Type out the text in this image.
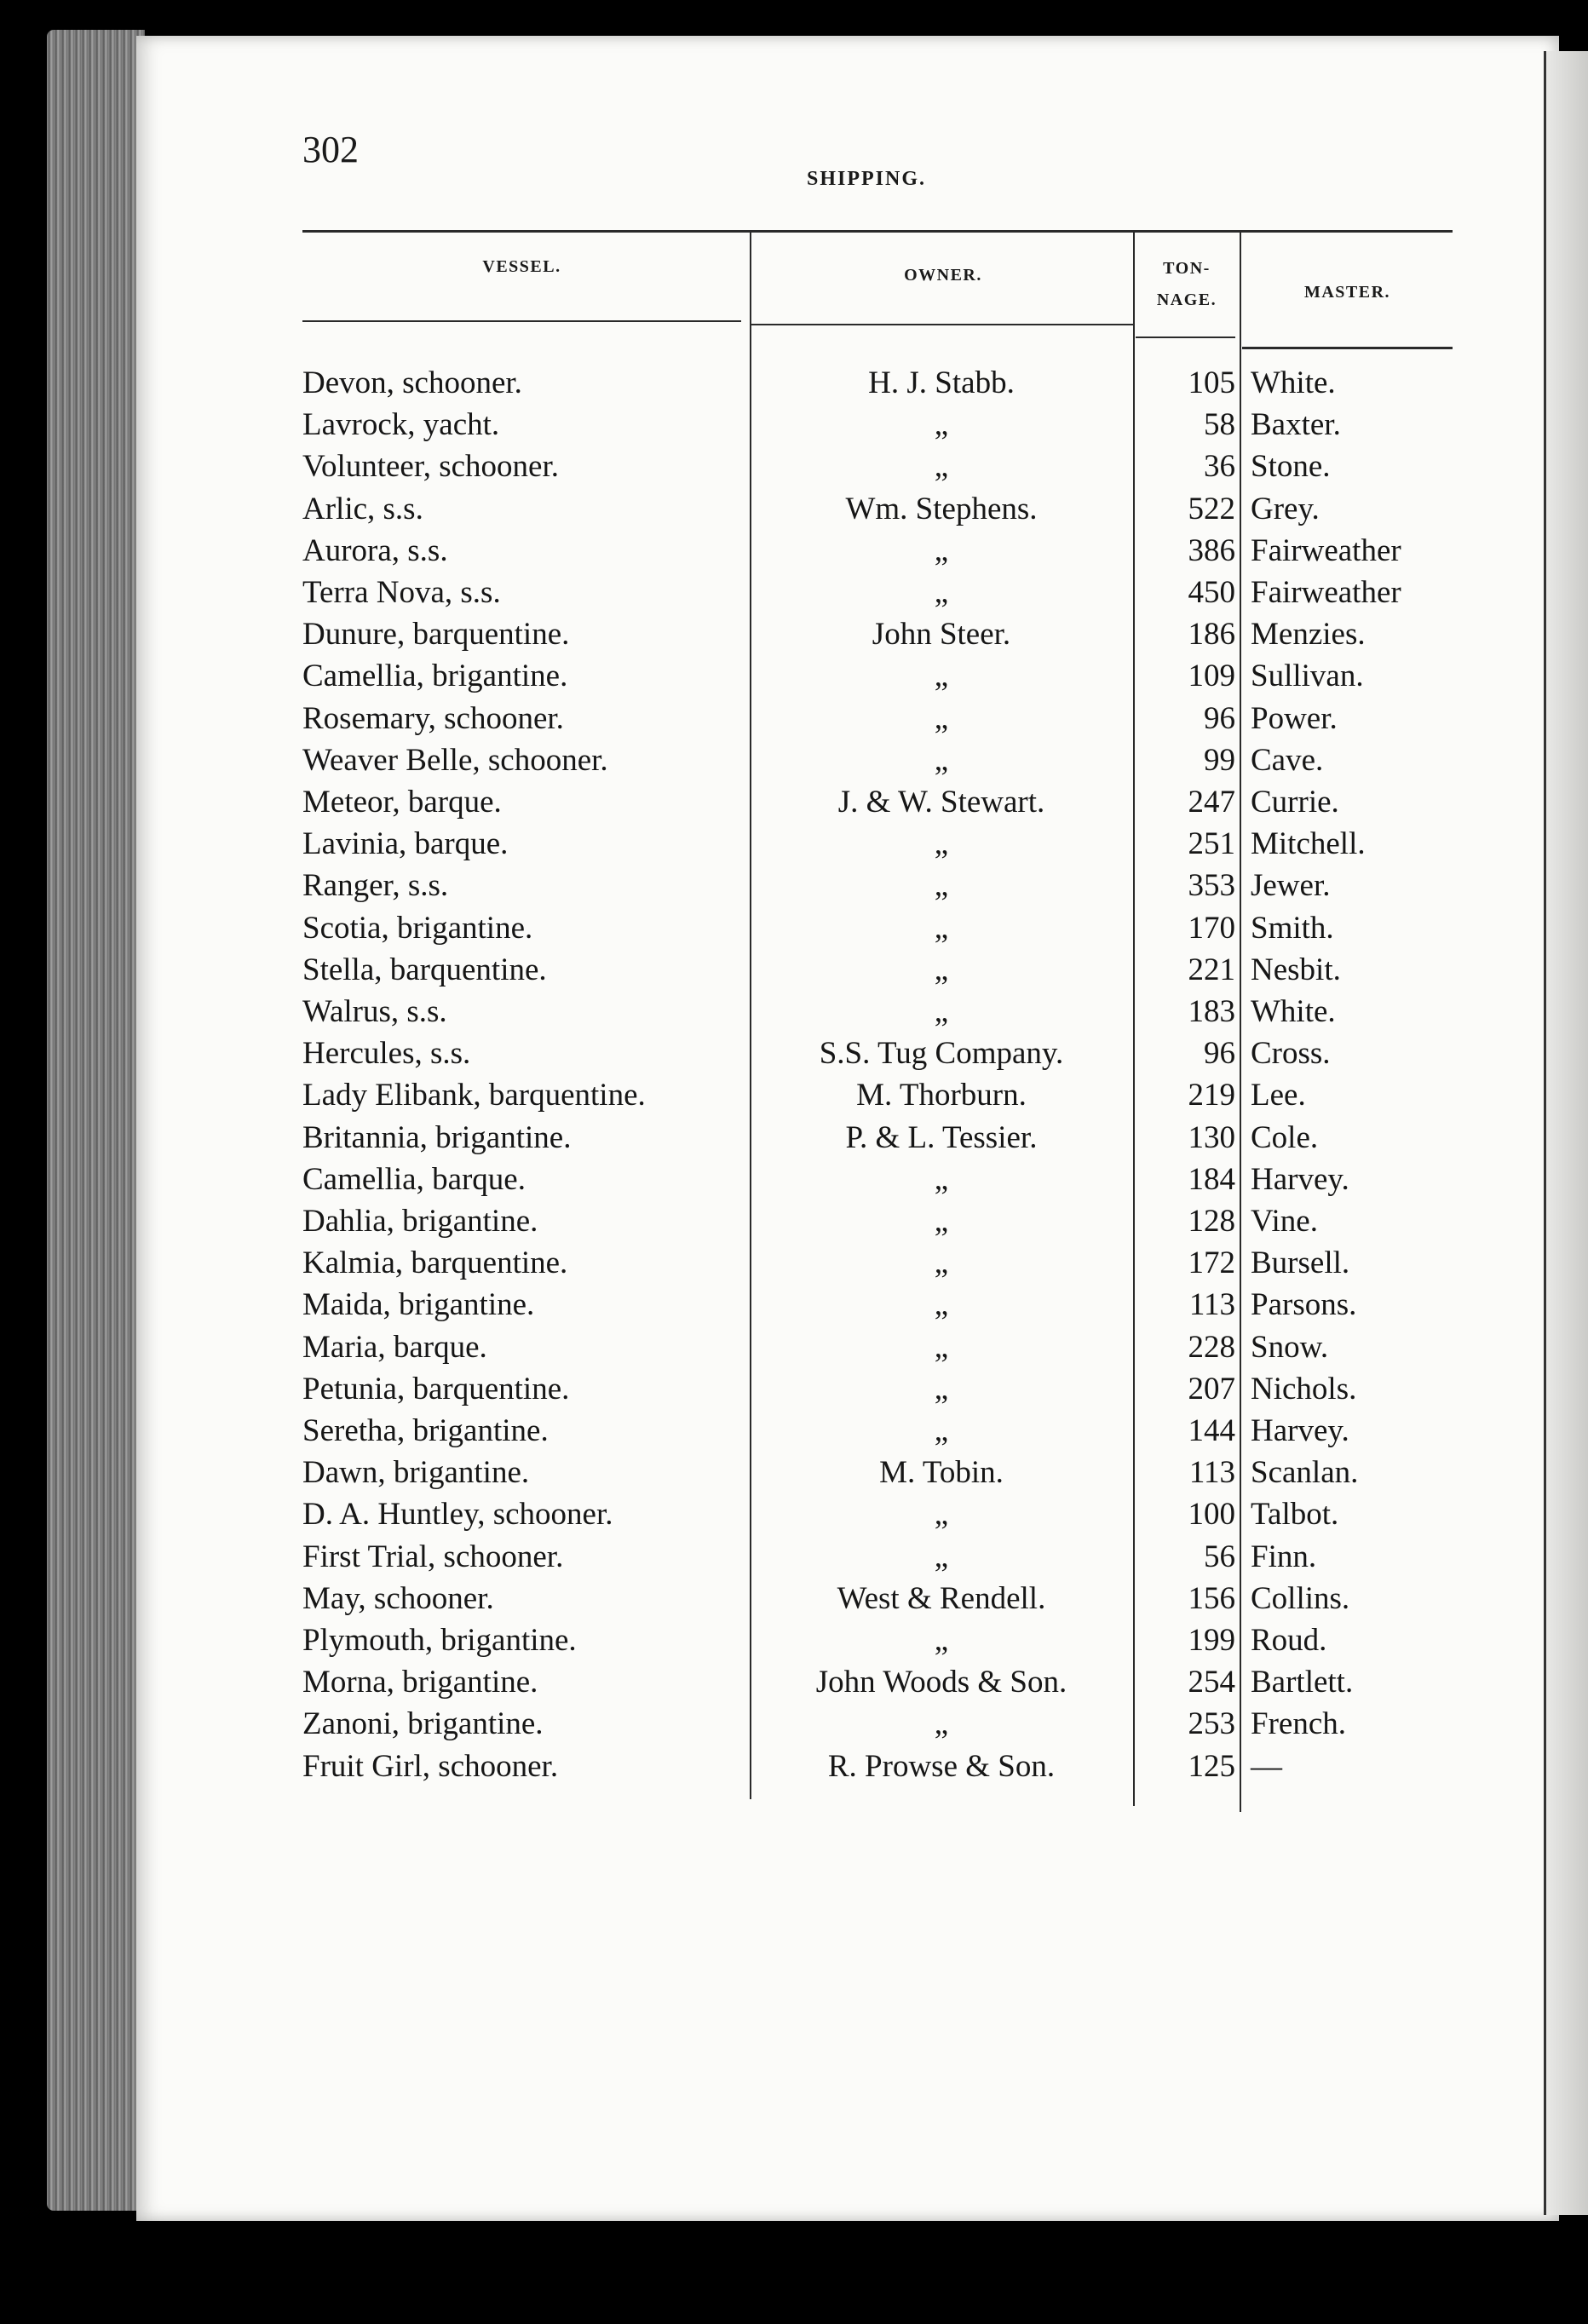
302
SHIPPING.
VESSEL.	OWNER.	TON-
NAGE.	MASTER.
Devon, schooner.	H. J. Stabb.	105 White.
Lavrock, yacht.	„	58 Baxter.
Volunteer, schooner.	„	36 Stone.
Arlic, s.s.	Wm. Stephens.	522 Grey.
Aurora, s.s.	„	386 Fairweather
Terra Nova, s.s.	„	450 Fairweather
Dunure, barquentine.	John Steer.	186 Menzies.
Camellia, brigantine.	„	109 Sullivan.
Rosemary, schooner.	„	96 Power.
Weaver Belle, schooner.	„	99 Cave.
Meteor, barque.	J. & W. Stewart.	247 Currie.
Lavinia, barque.	„	251 Mitchell.
Ranger, s.s.	„	353 Jewer.
Scotia, brigantine.	„	170 Smith.
Stella, barquentine.	„	221 Nesbit.
Walrus, s.s.	„	183 White.
Hercules, s.s.	S.S. Tug Company.	96 Cross.
Lady Elibank, barquentine.	M. Thorburn.	219 Lee.
Britannia, brigantine.	P. & L. Tessier.	130 Cole.
Camellia, barque.	„	184 Harvey.
Dahlia, brigantine.	„	128 Vine.
Kalmia, barquentine.	„	172 Bursell.
Maida, brigantine.	„	113 Parsons.
Maria, barque.	„	228 Snow.
Petunia, barquentine.	„	207 Nichols.
Seretha, brigantine.	„	144 Harvey.
Dawn, brigantine.	M. Tobin.	113 Scanlan.
D. A. Huntley, schooner.	„	100 Talbot.
First Trial, schooner.	„	56 Finn.
May, schooner.	West & Rendell.	156 Collins.
Plymouth, brigantine.	„	199 Roud.
Morna, brigantine.	John Woods & Son.	254 Bartlett.
Zanoni, brigantine.	„	253 French.
Fruit Girl, schooner.	R. Prowse & Son.	125 —
